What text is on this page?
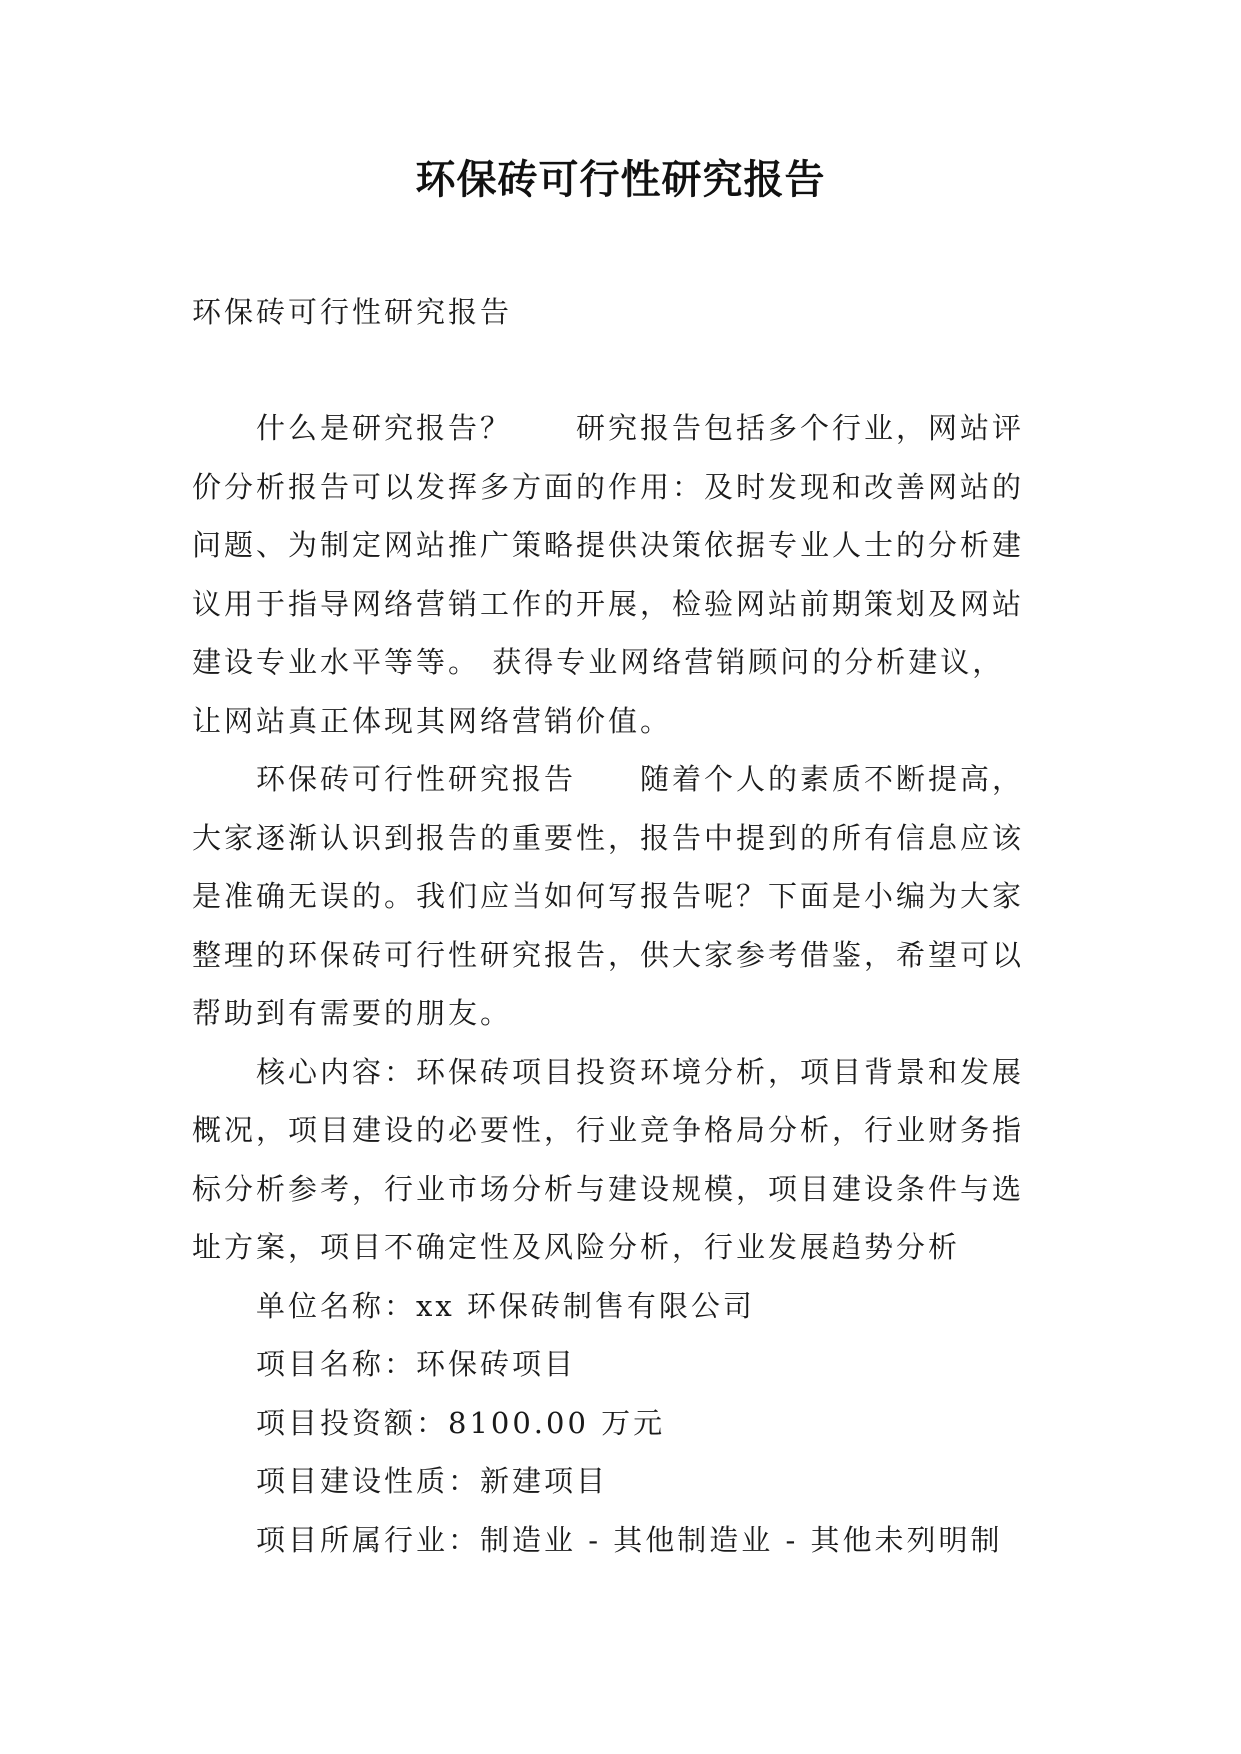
环保砖可行性研究报告

环保砖可行性研究报告

什么是研究报告？ 研究报告包括多个行业，网站评
价分析报告可以发挥多方面的作用：及时发现和改善网站的
问题、为制定网站推广策略提供决策依据专业人士的分析建
议用于指导网络营销工作的开展，检验网站前期策划及网站
建设专业水平等等。 获得专业网络营销顾问的分析建议，
让网站真正体现其网络营销价值。
环保砖可行性研究报告 随着个人的素质不断提高，
大家逐渐认识到报告的重要性，报告中提到的所有信息应该
是准确无误的。我们应当如何写报告呢？下面是小编为大家
整理的环保砖可行性研究报告，供大家参考借鉴，希望可以
帮助到有需要的朋友。
核心内容：环保砖项目投资环境分析，项目背景和发展
概况，项目建设的必要性，行业竞争格局分析，行业财务指
标分析参考，行业市场分析与建设规模，项目建设条件与选
址方案，项目不确定性及风险分析，行业发展趋势分析
单位名称：xx 环保砖制售有限公司
项目名称：环保砖项目
项目投资额：8100.00 万元
项目建设性质：新建项目
项目所属行业：制造业 - 其他制造业 - 其他未列明制
